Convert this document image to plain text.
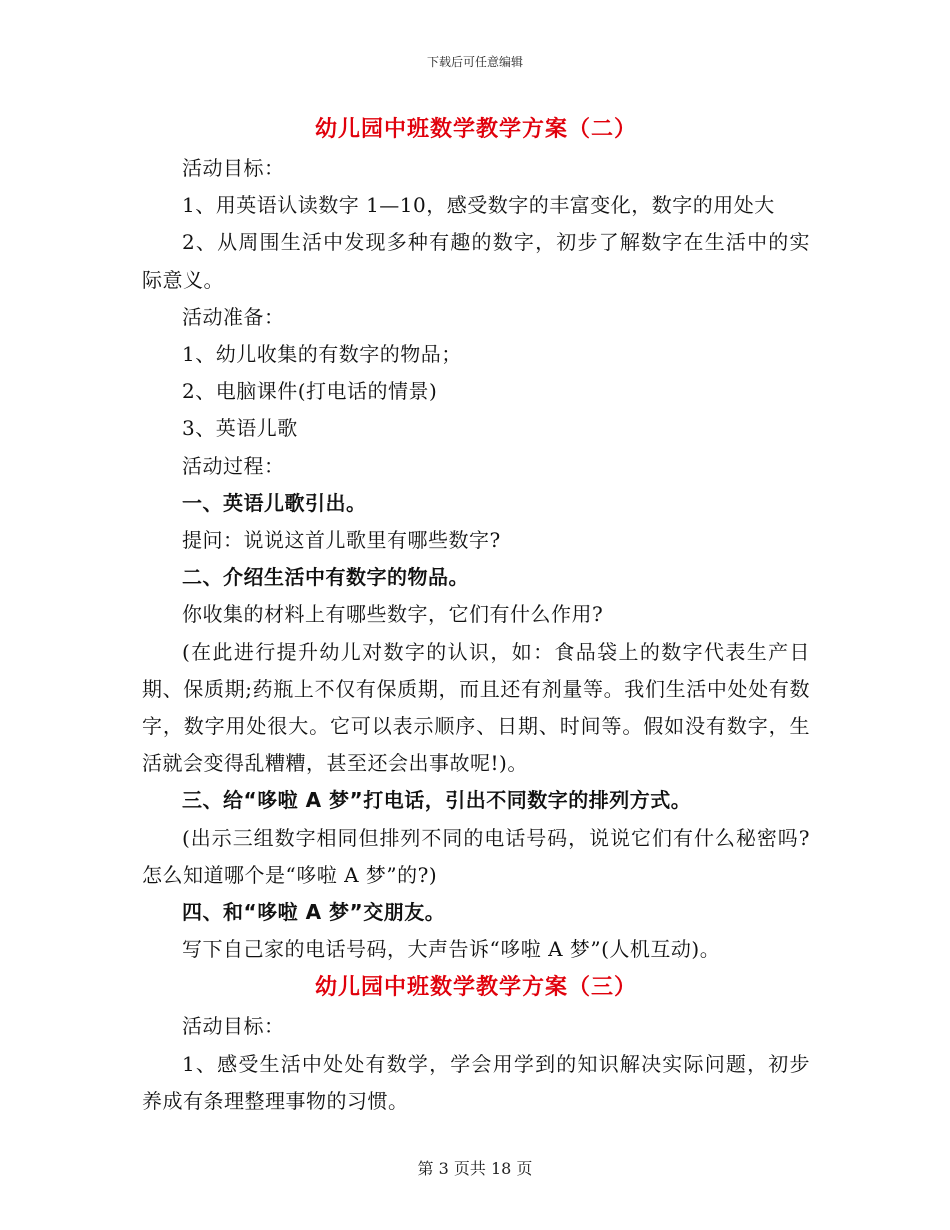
下载后可任意编辑
幼儿园中班数学教学方案（二）

活动目标：

1、用英语认读数字 1—10，感受数字的丰富变化，数字的用处大

2、从周围生活中发现多种有趣的数字，初步了解数字在生活中的实际意义。

活动准备：

1、幼儿收集的有数字的物品；

2、电脑课件(打电话的情景)

3、英语儿歌

活动过程：

一、英语儿歌引出。

提问：说说这首儿歌里有哪些数字?

二、介绍生活中有数字的物品。

你收集的材料上有哪些数字，它们有什么作用?

(在此进行提升幼儿对数字的认识，如：食品袋上的数字代表生产日期、保质期;药瓶上不仅有保质期，而且还有剂量等。我们生活中处处有数字，数字用处很大。它可以表示顺序、日期、时间等。假如没有数字，生活就会变得乱糟糟，甚至还会出事故呢!)。

三、给“哆啦 A 梦”打电话，引出不同数字的排列方式。

(出示三组数字相同但排列不同的电话号码，说说它们有什么秘密吗?怎么知道哪个是“哆啦 A 梦”的?)

四、和“哆啦 A 梦”交朋友。

写下自己家的电话号码，大声告诉“哆啦 A 梦”(人机互动)。

幼儿园中班数学教学方案（三）

活动目标：

1、感受生活中处处有数学，学会用学到的知识解决实际问题，初步养成有条理整理事物的习惯。

第 3 页共 18 页
